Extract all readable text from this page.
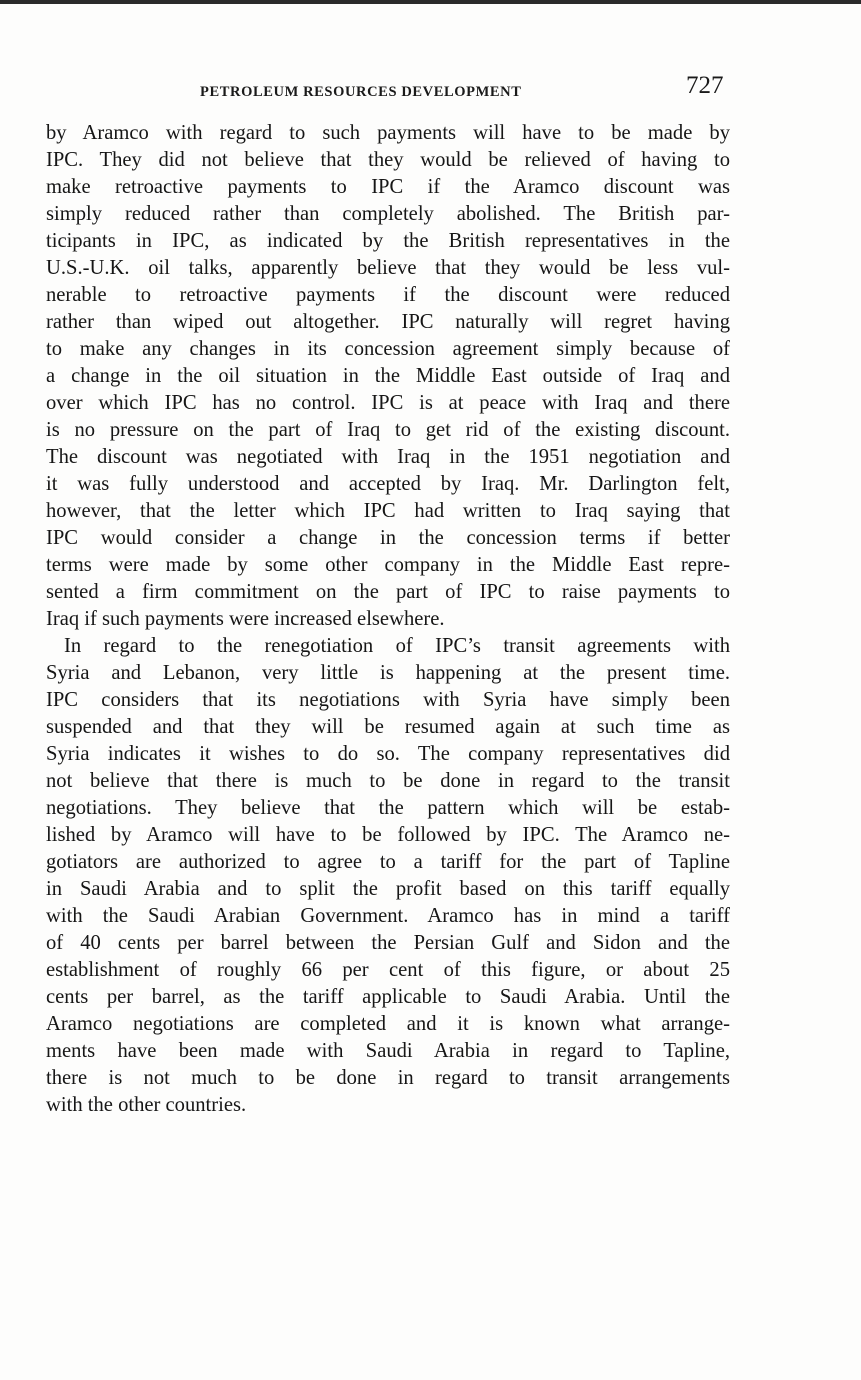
PETROLEUM RESOURCES DEVELOPMENT	727
by Aramco with regard to such payments will have to be made by
IPC. They did not believe that they would be relieved of having to
make retroactive payments to IPC if the Aramco discount was
simply reduced rather than completely abolished. The British par-
ticipants in IPC, as indicated by the British representatives in the
U.S.-U.K. oil talks, apparently believe that they would be less vul-
nerable to retroactive payments if the discount were reduced
rather than wiped out altogether. IPC naturally will regret having
to make any changes in its concession agreement simply because of
a change in the oil situation in the Middle East outside of Iraq and
over which IPC has no control. IPC is at peace with Iraq and there
is no pressure on the part of Iraq to get rid of the existing discount.
The discount was negotiated with Iraq in the 1951 negotiation and
it was fully understood and accepted by Iraq. Mr. Darlington felt,
however, that the letter which IPC had written to Iraq saying that
IPC would consider a change in the concession terms if better
terms were made by some other company in the Middle East repre-
sented a firm commitment on the part of IPC to raise payments to
Iraq if such payments were increased elsewhere.
In regard to the renegotiation of IPC’s transit agreements with
Syria and Lebanon, very little is happening at the present time.
IPC considers that its negotiations with Syria have simply been
suspended and that they will be resumed again at such time as
Syria indicates it wishes to do so. The company representatives did
not believe that there is much to be done in regard to the transit
negotiations. They believe that the pattern which will be estab-
lished by Aramco will have to be followed by IPC. The Aramco ne-
gotiators are authorized to agree to a tariff for the part of Tapline
in Saudi Arabia and to split the profit based on this tariff equally
with the Saudi Arabian Government. Aramco has in mind a tariff
of 40 cents per barrel between the Persian Gulf and Sidon and the
establishment of roughly 66 per cent of this figure, or about 25
cents per barrel, as the tariff applicable to Saudi Arabia. Until the
Aramco negotiations are completed and it is known what arrange-
ments have been made with Saudi Arabia in regard to Tapline,
there is not much to be done in regard to transit arrangements
with the other countries.
